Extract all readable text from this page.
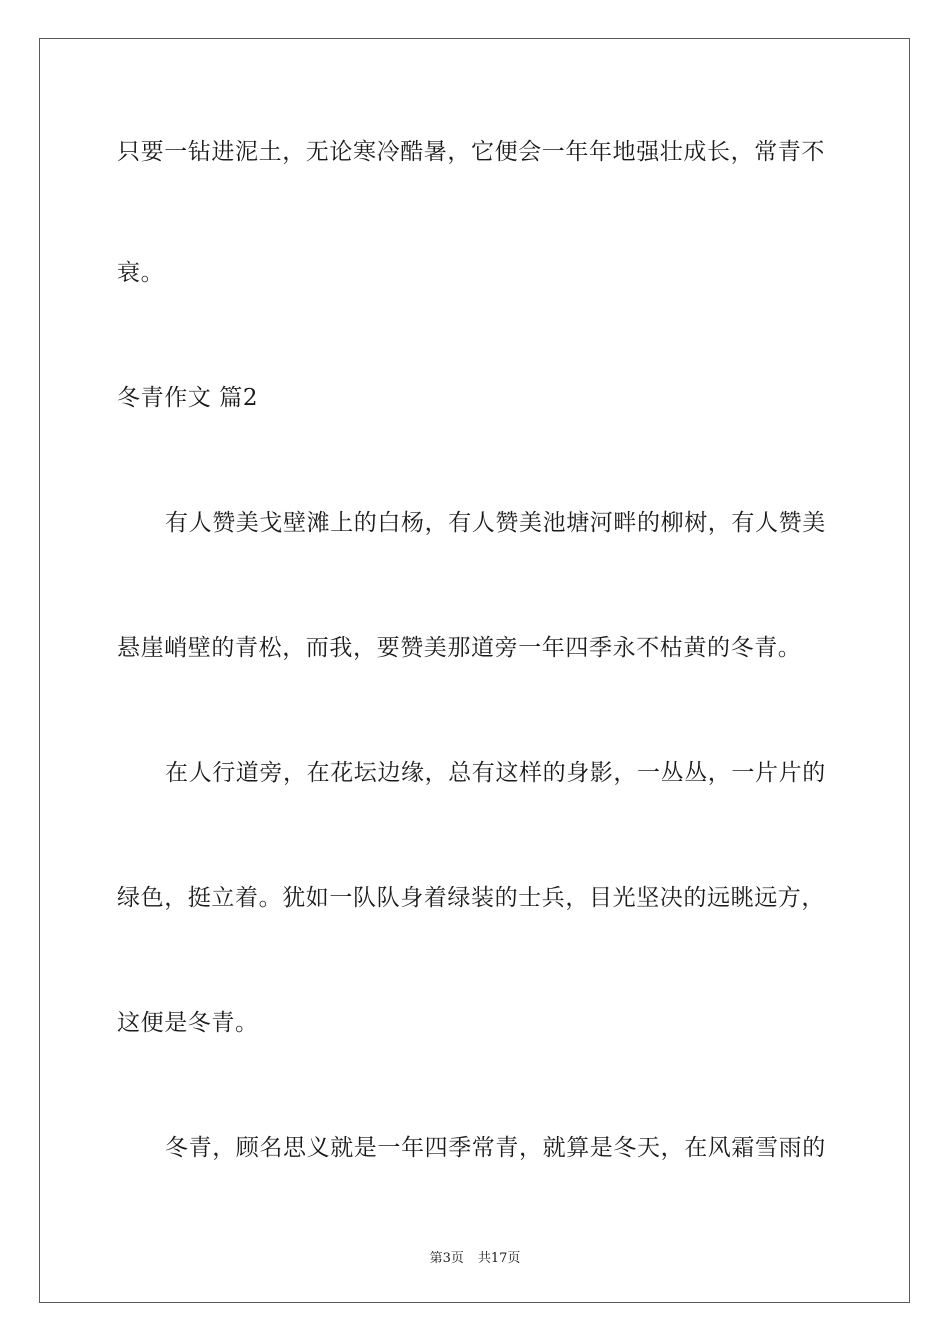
只要一钻进泥土，无论寒冷酷暑，它便会一年年地强壮成长，常青不
衰。
冬青作文 篇2
有人赞美戈壁滩上的白杨，有人赞美池塘河畔的柳树，有人赞美
悬崖峭壁的青松，而我，要赞美那道旁一年四季永不枯黄的冬青。
在人行道旁，在花坛边缘，总有这样的身影，一丛丛，一片片的
绿色，挺立着。犹如一队队身着绿装的士兵，目光坚决的远眺远方，
这便是冬青。
冬青，顾名思义就是一年四季常青，就算是冬天，在风霜雪雨的
第3页 共17页
